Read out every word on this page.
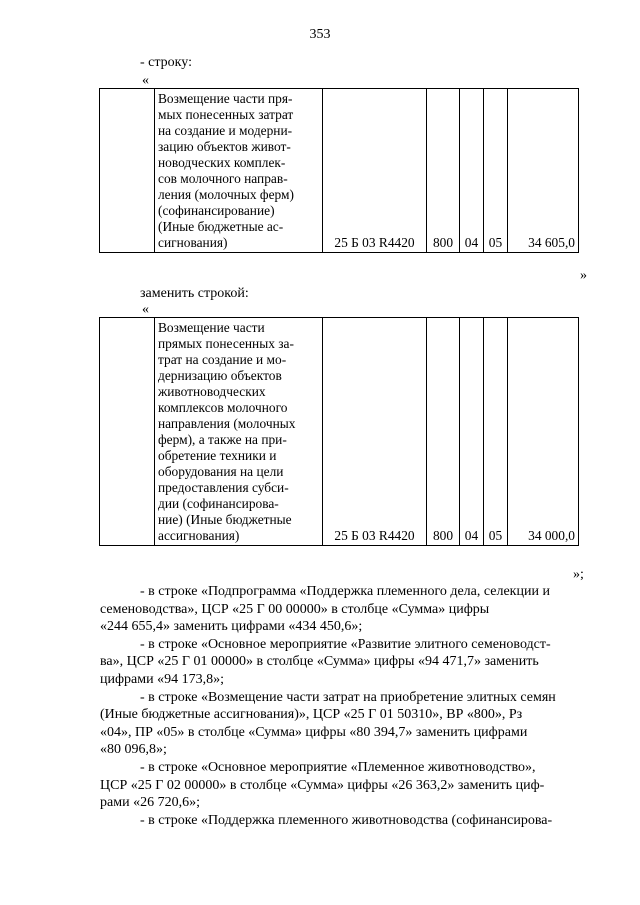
353
- строку:
«

Возмещение части пря-
мых понесенных затрат
на создание и модерни-
зацию объектов живот-
новодческих комплек-
сов молочного направ-
ления (молочных ферм)
(софинансирование)
(Иные бюджетные ас-
сигнования)	25 Б 03 R4420	800	04	05	34 605,0
»
заменить строкой:
«

Возмещение части
прямых понесенных за-
трат на создание и мо-
дернизацию объектов
животноводческих
комплексов молочного
направления (молочных
ферм), а также на при-
обретение техники и
оборудования на цели
предоставления субси-
дии (софинансирова-
ние) (Иные бюджетные
ассигнования)	25 Б 03 R4420	800	04	05	34 000,0
»;
- в строке «Подпрограмма «Поддержка племенного дела, селекции и
семеноводства», ЦСР «25 Г 00 00000» в столбце «Сумма» цифры
«244 655,4» заменить цифрами «434 450,6»;
- в строке «Основное мероприятие «Развитие элитного семеноводст-
ва», ЦСР «25 Г 01 00000» в столбце «Сумма» цифры «94 471,7» заменить
цифрами «94 173,8»;
- в строке «Возмещение части затрат на приобретение элитных семян
(Иные бюджетные ассигнования)», ЦСР «25 Г 01 50310», ВР «800», Рз
«04», ПР «05» в столбце «Сумма» цифры «80 394,7» заменить цифрами
«80 096,8»;
- в строке «Основное мероприятие «Племенное животноводство»,
ЦСР «25 Г 02 00000» в столбце «Сумма» цифры «26 363,2» заменить циф-
рами «26 720,6»;
- в строке «Поддержка племенного животноводства (софинансирова-
